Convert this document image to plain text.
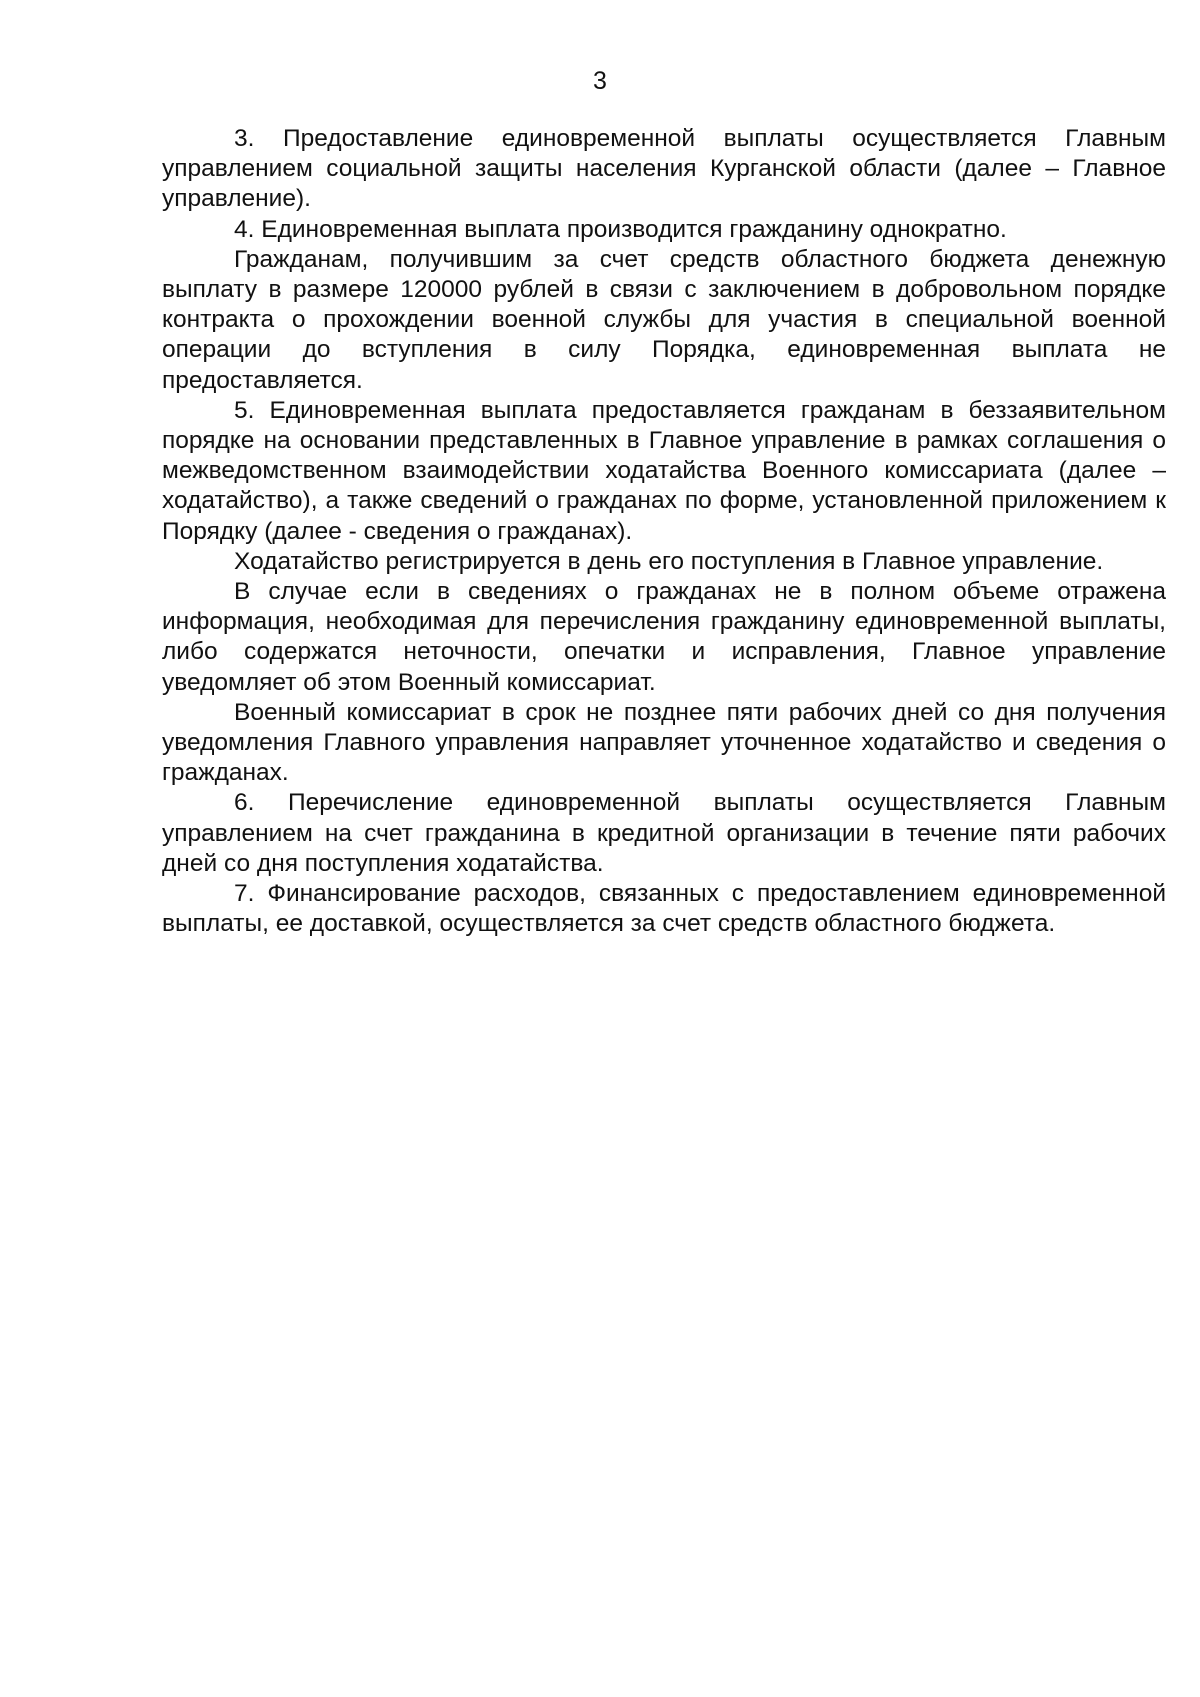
3

3. Предоставление единовременной выплаты осуществляется Главным управлением социальной защиты населения Курганской области (далее – Главное управление).

4. Единовременная выплата производится гражданину однократно.

Гражданам, получившим за счет средств областного бюджета денежную выплату в размере 120000 рублей в связи с заключением в добровольном порядке контракта о прохождении военной службы для участия в специальной военной операции до вступления в силу Порядка, единовременная выплата не предоставляется.

5. Единовременная выплата предоставляется гражданам в беззаявительном порядке на основании представленных в Главное управление в рамках соглашения о межведомственном взаимодействии ходатайства Военного комиссариата (далее – ходатайство), а также сведений о гражданах по форме, установленной приложением к Порядку (далее - сведения о гражданах).

Ходатайство регистрируется в день его поступления в Главное управление.

В случае если в сведениях о гражданах не в полном объеме отражена информация, необходимая для перечисления гражданину единовременной выплаты, либо содержатся неточности, опечатки и исправления, Главное управление уведомляет об этом Военный комиссариат.

Военный комиссариат в срок не позднее пяти рабочих дней со дня получения уведомления Главного управления направляет уточненное ходатайство и сведения о гражданах.

6. Перечисление единовременной выплаты осуществляется Главным управлением на счет гражданина в кредитной организации в течение пяти рабочих дней со дня поступления ходатайства.

7. Финансирование расходов, связанных с предоставлением единовременной выплаты, ее доставкой, осуществляется за счет средств областного бюджета.
